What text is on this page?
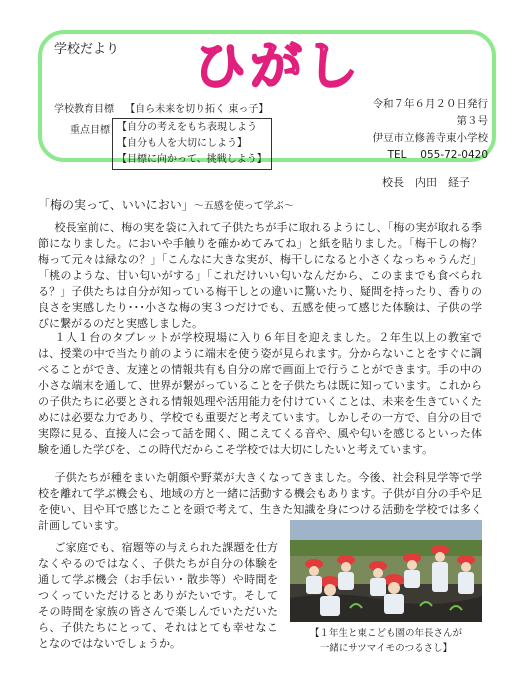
学校だより ひがし
学校教育目標 【自ら未来を切り拓く 東っ子】
重点目標 【自分の考えをもち表現しよう
【自分も人を大切にしよう】
【目標に向かって、挑戦しよう】
令和７年６月２０日発行
第３号
伊豆市立修善寺東小学校
TEL　 055-72-0420
校長　内田　経子
「梅の実って、いいにおい」～五感を使って学ぶ～

校長室前に、梅の実を袋に入れて子供たちが手に取れるようにし、「梅の実が取れる季節になりました。においや手触りを確かめてみてね」と紙を貼りました。「梅干しの梅？梅って元々は緑なの？」「こんなに大きな実が、梅干しになると小さくなっちゃうんだ」「桃のような、甘い匂いがする」「これだけいい匂いなんだから、このままでも食べられる？」子供たちは自分が知っている梅干しとの違いに驚いたり、疑問を持ったり、香りの良さを実感したり･･･小さな梅の実３つだけでも、五感を使って感じた体験は、子供の学びに繋がるのだと実感しました。

１人１台のタブレットが学校現場に入り６年目を迎えました。２年生以上の教室では、授業の中で当たり前のように端末を使う姿が見られます。分からないことをすぐに調べることができ、友達との情報共有も自分の席で画面上で行うことができます。手の中の小さな端末を通して、世界が繋がっていることを子供たちは既に知っています。これからの子供たちに必要とされる情報処理や活用能力を付けていくことは、未来を生きていくためには必要な力であり、学校でも重要だと考えています。しかしその一方で、自分の目で実際に見る、直接人に会って話を聞く、聞こえてくる音や、風や匂いを感じるといった体験を通した学びを、この時代だからこそ学校では大切にしたいと考えています。

子供たちが種をまいた朝顔や野菜が大きくなってきました。今後、社会科見学等で学校を離れて学ぶ機会も、地域の方と一緒に活動する機会もあります。子供が自分の手や足を使い、目や耳で感じたことを頭で考えて、生きた知識を身につける活動を学校では多く計画しています。

ご家庭でも、宿題等の与えられた課題を仕方なくやるのではなく、子供たちが自分の体験を通して学ぶ機会（お手伝い・散歩等）や時間をつくっていただけるとありがたいです。そしてその時間を家族の皆さんで楽しんでいただいたら、子供たちにとって、それはとても幸せなことなのではないでしょうか。

【１年生と東こども園の年長さんが
一緒にサツマイモのつるさし】
